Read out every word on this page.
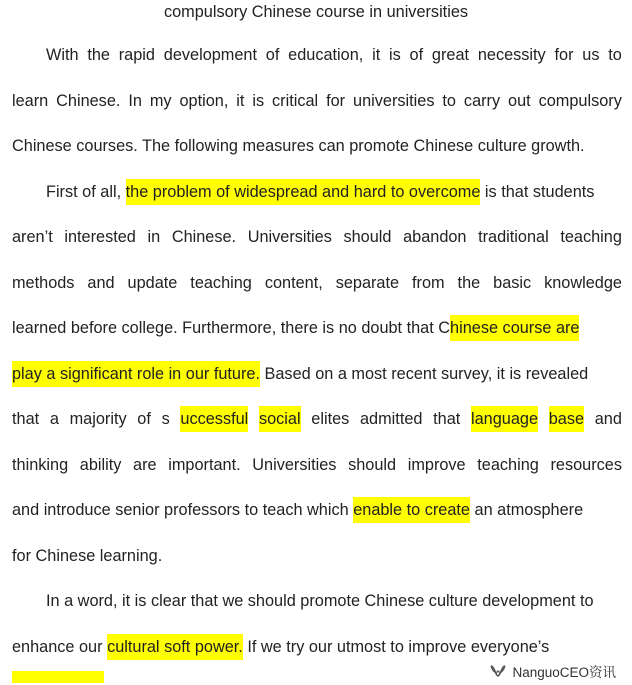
compulsory Chinese course in universities

With the rapid development of education, it is of great necessity for us to

learn Chinese. In my option, it is critical for universities to carry out compulsory

Chinese courses. The following measures can promote Chinese culture growth.

First of all, the problem of widespread and hard to overcome is that students

aren’t interested in Chinese. Universities should abandon traditional teaching

methods and update teaching content, separate from the basic knowledge

learned before college. Furthermore, there is no doubt that C hinese course are

play a significant role in our future. Based on a most recent survey, it is revealed

that a majority of s uccessful social elites admitted that language base and

thinking ability are important. Universities should improve teaching resources

and introduce senior professors to teach which enable to create an atmosphere

for Chinese learning.

In a word, it is clear that we should promote Chinese culture development to

enhance our cultural soft power. If we try our utmost to improve everyone’s

NanguoCEO资讯
